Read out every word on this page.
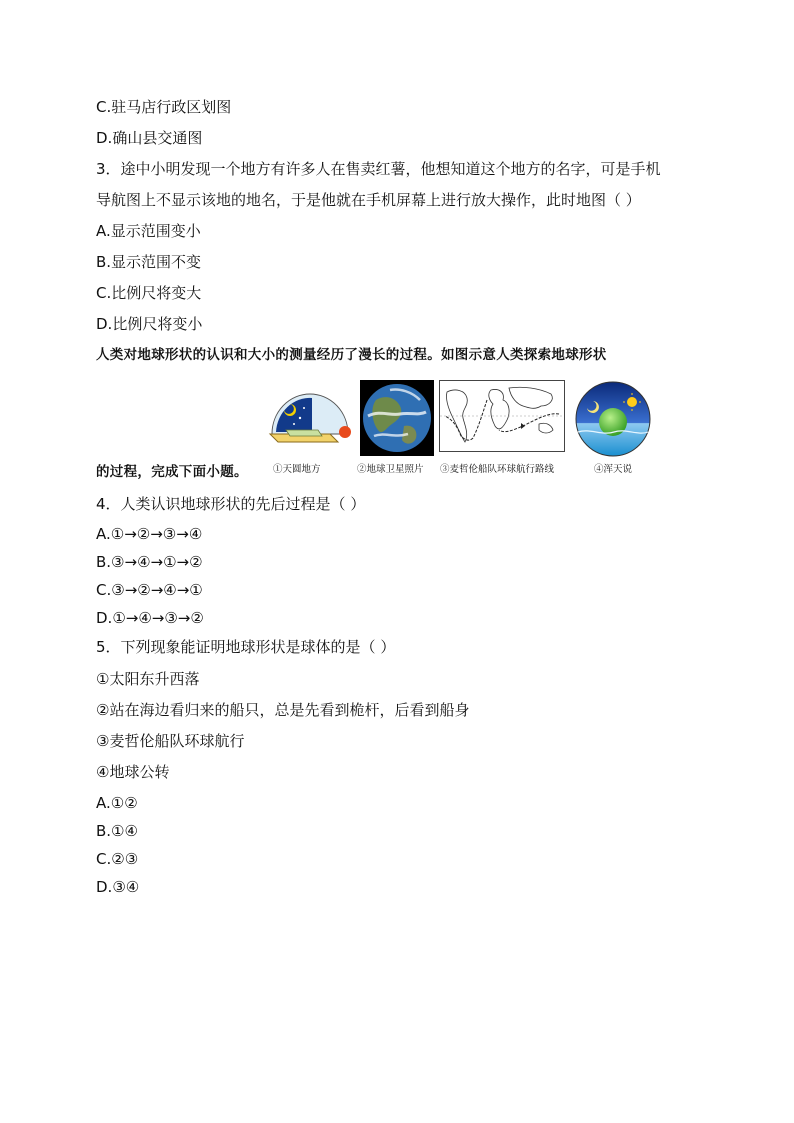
C.驻马店行政区划图
D.确山县交通图
3．途中小明发现一个地方有许多人在售卖红薯，他想知道这个地方的名字，可是手机
导航图上不显示该地的地名，于是他就在手机屏幕上进行放大操作，此时地图（ ）
A.显示范围变小
B.显示范围不变
C.比例尺将变大
D.比例尺将变小
人类对地球形状的认识和大小的测量经历了漫长的过程。如图示意人类探索地球形状
的过程，完成下面小题。	①天圆地方	②地球卫星照片 ③麦哲伦船队环球航行路线	④浑天说
4．人类认识地球形状的先后过程是（ ）
A.①→②→③→④
B.③→④→①→②
C.③→②→④→①
D.①→④→③→②
5．下列现象能证明地球形状是球体的是（ ）
①太阳东升西落
②站在海边看归来的船只，总是先看到桅杆，后看到船身
③麦哲伦船队环球航行
④地球公转
A.①②
B.①④
C.②③
D.③④
